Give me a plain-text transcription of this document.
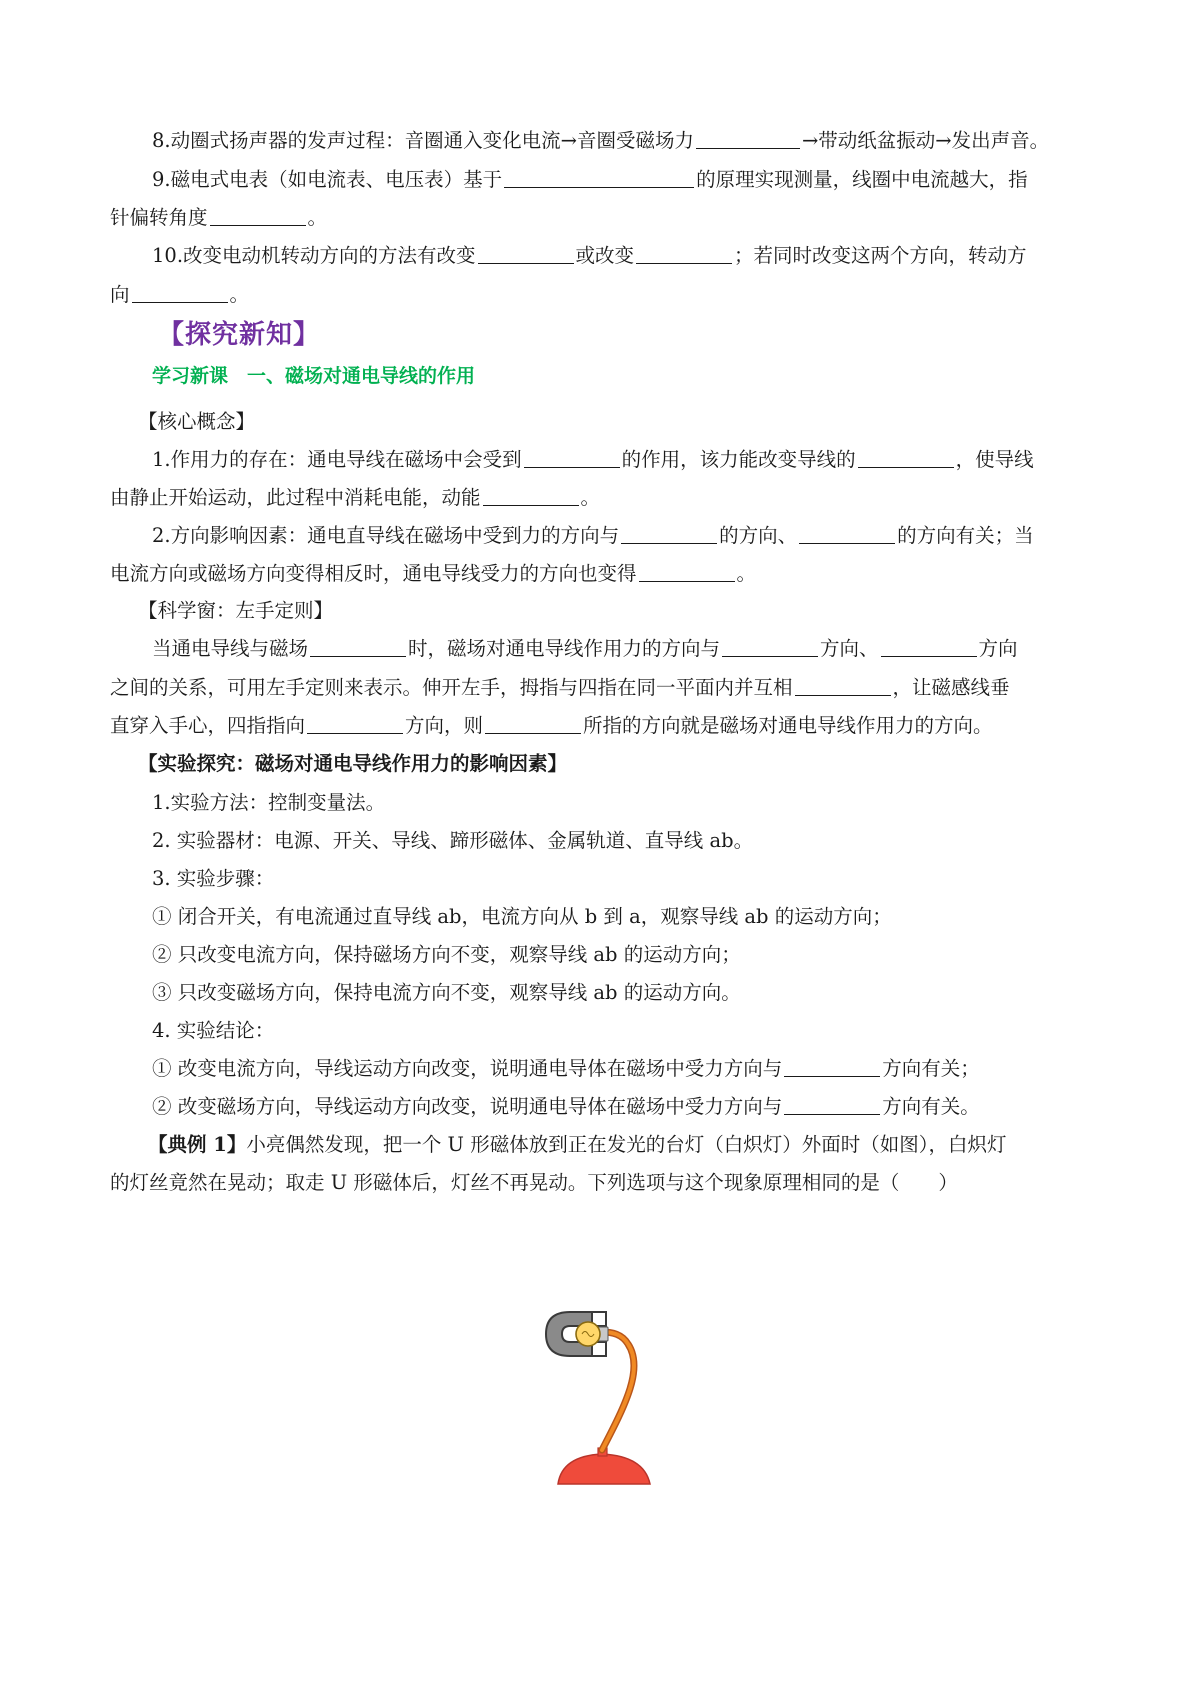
8.动圈式扬声器的发声过程：音圈通入变化电流→音圈受磁场力	→带动纸盆振动→发出声音。
9.磁电式电表（如电流表、电压表）基于	的原理实现测量，线圈中电流越大，指
针偏转角度	。
10.改变电动机转动方向的方法有改变	或改变	；若同时改变这两个方向，转动方
向	。
【探究新知】
学习新课　一、磁场对通电导线的作用
【核心概念】
1.作用力的存在：通电导线在磁场中会受到	的作用，该力能改变导线的	，使导线
由静止开始运动，此过程中消耗电能，动能	。
2.方向影响因素：通电直导线在磁场中受到力的方向与	的方向、	的方向有关；当
电流方向或磁场方向变得相反时，通电导线受力的方向也变得	。
【科学窗：左手定则】
当通电导线与磁场	时，磁场对通电导线作用力的方向与	方向、	方向
之间的关系，可用左手定则来表示。伸开左手，拇指与四指在同一平面内并互相	，让磁感线垂
直穿入手心，四指指向	方向，则	所指的方向就是磁场对通电导线作用力的方向。
【实验探究：磁场对通电导线作用力的影响因素】
1.实验方法：控制变量法。
2. 实验器材：电源、开关、导线、蹄形磁体、金属轨道、直导线 ab。
3. 实验步骤：
① 闭合开关，有电流通过直导线 ab，电流方向从 b 到 a，观察导线 ab 的运动方向；
② 只改变电流方向，保持磁场方向不变，观察导线 ab 的运动方向；
③ 只改变磁场方向，保持电流方向不变，观察导线 ab 的运动方向。
4. 实验结论：
① 改变电流方向，导线运动方向改变，说明通电导体在磁场中受力方向与	方向有关；
② 改变磁场方向，导线运动方向改变，说明通电导体在磁场中受力方向与	方向有关。
【典例 1】小亮偶然发现，把一个 U 形磁体放到正在发光的台灯（白炽灯）外面时（如图），白炽灯
的灯丝竟然在晃动；取走 U 形磁体后，灯丝不再晃动。下列选项与这个现象原理相同的是（　　）
